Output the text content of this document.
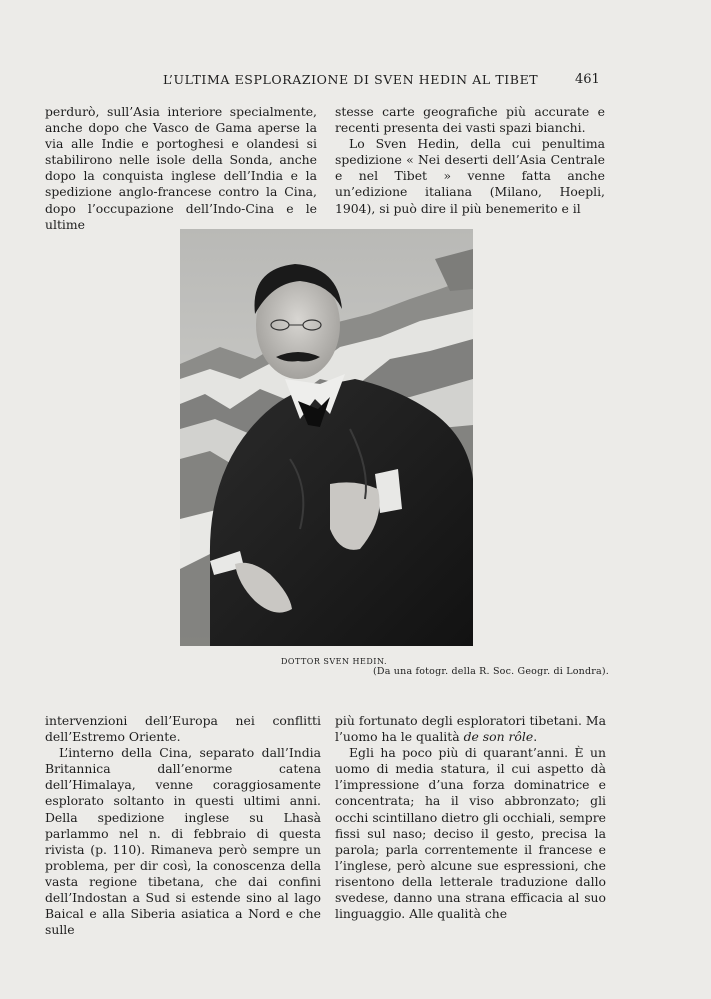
L’ULTIMA ESPLORAZIONE DI SVEN HEDIN AL TIBET	461

perdurò, sull’Asia interiore specialmente, anche dopo che Vasco de Gama aperse la via alle Indie e portoghesi e olandesi si stabilirono nelle isole della Sonda, anche dopo la conquista inglese dell’India e la spedizione anglo-francese contro la Cina, dopo l’occupazione dell’Indo-Cina e le ultime

stesse carte geografiche più accurate e recenti presenta dei vasti spazi bianchi.

Lo Sven Hedin, della cui penultima spedizione « Nei deserti dell’Asia Centrale e nel Tibet » venne fatta anche un’edizione italiana (Milano, Hoepli, 1904), si può dire il più benemerito e il

DOTTOR SVEN HEDIN.
(Da una fotogr. della R. Soc. Geogr. di Londra).

intervenzioni dell’Europa nei conflitti dell’Estremo Oriente.

L’interno della Cina, separato dall’India Britannica dall’enorme catena dell’Himalaya, venne coraggiosamente esplorato soltanto in questi ultimi anni. Della spedizione inglese su Lhasà parlammo nel n. di febbraio di questa rivista (p. 110). Rimaneva però sempre un problema, per dir così, la conoscenza della vasta regione tibetana, che dai confini dell’Indostan a Sud si estende sino al lago Baical e alla Siberia asiatica a Nord e che sulle

più fortunato degli esploratori tibetani. Ma l’uomo ha le qualità de son rôle.

Egli ha poco più di quarant’anni. È un uomo di media statura, il cui aspetto dà l’impressione d’una forza dominatrice e concentrata; ha il viso abbronzato; gli occhi scintillano dietro gli occhiali, sempre fissi sul naso; deciso il gesto, precisa la parola; parla correntemente il francese e l’inglese, però alcune sue espressioni, che risentono della letterale traduzione dallo svedese, danno una strana efficacia al suo linguaggio. Alle qualità che
